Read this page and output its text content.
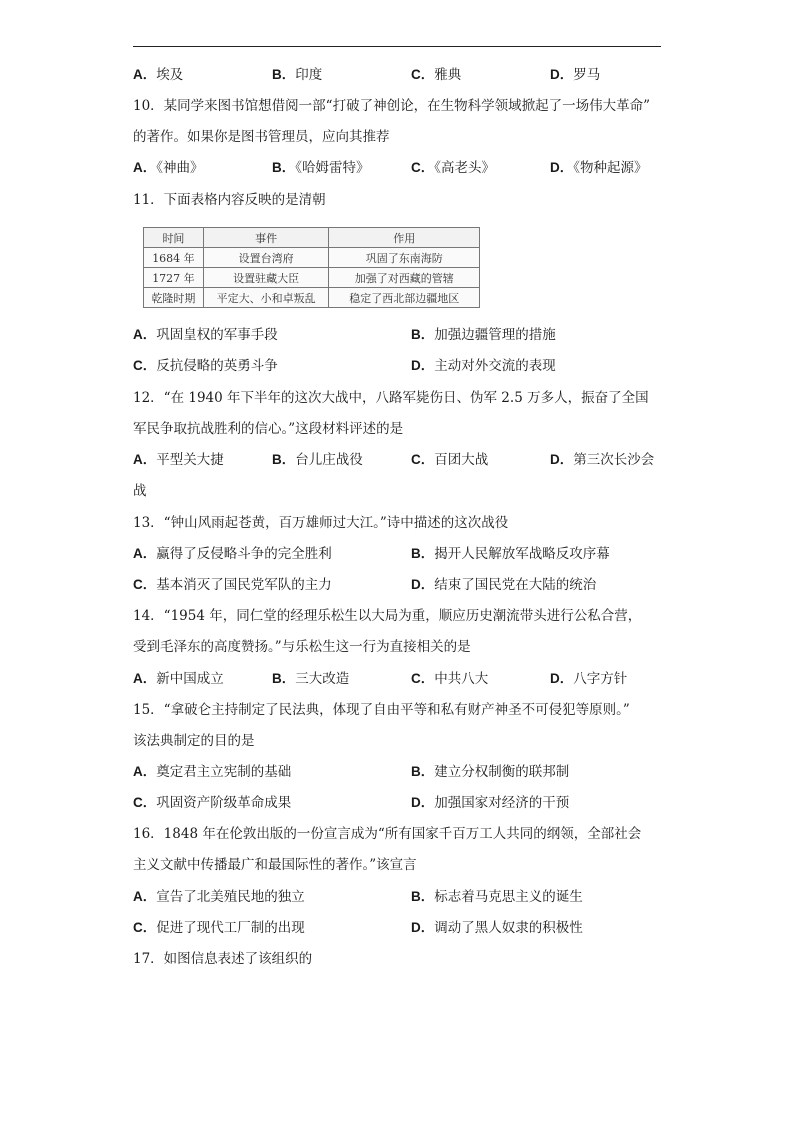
A．埃及	B．印度	C．雅典	D．罗马
10．某同学来图书馆想借阅一部“打破了神创论，在生物科学领域掀起了一场伟大革命”
的著作。如果你是图书管理员，应向其推荐
A．《神曲》	B．《哈姆雷特》	C．《高老头》	D．《物种起源》
11．下面表格内容反映的是清朝
时间	事件	作用
1684 年	设置台湾府	巩固了东南海防
1727 年	设置驻藏大臣	加强了对西藏的管辖
乾隆时期	平定大、小和卓叛乱	稳定了西北部边疆地区
A．巩固皇权的军事手段	B．加强边疆管理的措施
C．反抗侵略的英勇斗争	D．主动对外交流的表现
12．“在 1940 年下半年的这次大战中，八路军毙伤日、伪军 2.5 万多人，振奋了全国
军民争取抗战胜利的信心。”这段材料评述的是
A．平型关大捷	B．台儿庄战役	C．百团大战	D．第三次长沙会
战
13．“钟山风雨起苍黄，百万雄师过大江。”诗中描述的这次战役
A．赢得了反侵略斗争的完全胜利	B．揭开人民解放军战略反攻序幕
C．基本消灭了国民党军队的主力	D．结束了国民党在大陆的统治
14．“1954 年，同仁堂的经理乐松生以大局为重，顺应历史潮流带头进行公私合营，
受到毛泽东的高度赞扬。”与乐松生这一行为直接相关的是
A．新中国成立	B．三大改造	C．中共八大	D．八字方针
15．“拿破仑主持制定了民法典，体现了自由平等和私有财产神圣不可侵犯等原则。”
该法典制定的目的是
A．奠定君主立宪制的基础	B．建立分权制衡的联邦制
C．巩固资产阶级革命成果	D．加强国家对经济的干预
16．1848 年在伦敦出版的一份宣言成为“所有国家千百万工人共同的纲领，全部社会
主义文献中传播最广和最国际性的著作。”该宣言
A．宣告了北美殖民地的独立	B．标志着马克思主义的诞生
C．促进了现代工厂制的出现	D．调动了黑人奴隶的积极性
17．如图信息表述了该组织的
